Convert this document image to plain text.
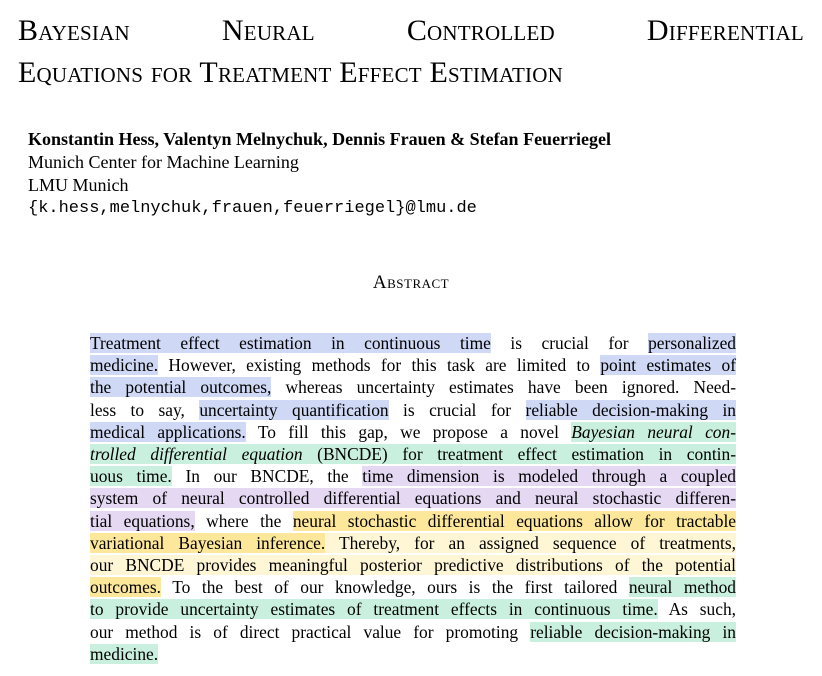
Bayesian	Neural	Controlled	Differential
Equations for Treatment Effect Estimation
Konstantin Hess, Valentyn Melnychuk, Dennis Frauen & Stefan Feuerriegel
Munich Center for Machine Learning
LMU Munich
{k.hess,melnychuk,frauen,feuerriegel}@lmu.de
Abstract
Treatment effect estimation in continuous time is crucial for personalized
medicine. However, existing methods for this task are limited to point estimates of
the potential outcomes, whereas uncertainty estimates have been ignored. Need-
less to say, uncertainty quantification is crucial for reliable decision-making in
medical applications. To fill this gap, we propose a novel Bayesian neural con-
trolled differential equation (BNCDE) for treatment effect estimation in contin-
uous time. In our BNCDE, the time dimension is modeled through a coupled
system of neural controlled differential equations and neural stochastic differen-
tial equations, where the neural stochastic differential equations allow for tractable
variational Bayesian inference. Thereby, for an assigned sequence of treatments,
our BNCDE provides meaningful posterior predictive distributions of the potential
outcomes. To the best of our knowledge, ours is the first tailored neural method
to provide uncertainty estimates of treatment effects in continuous time. As such,
our method is of direct practical value for promoting reliable decision-making in
medicine.
